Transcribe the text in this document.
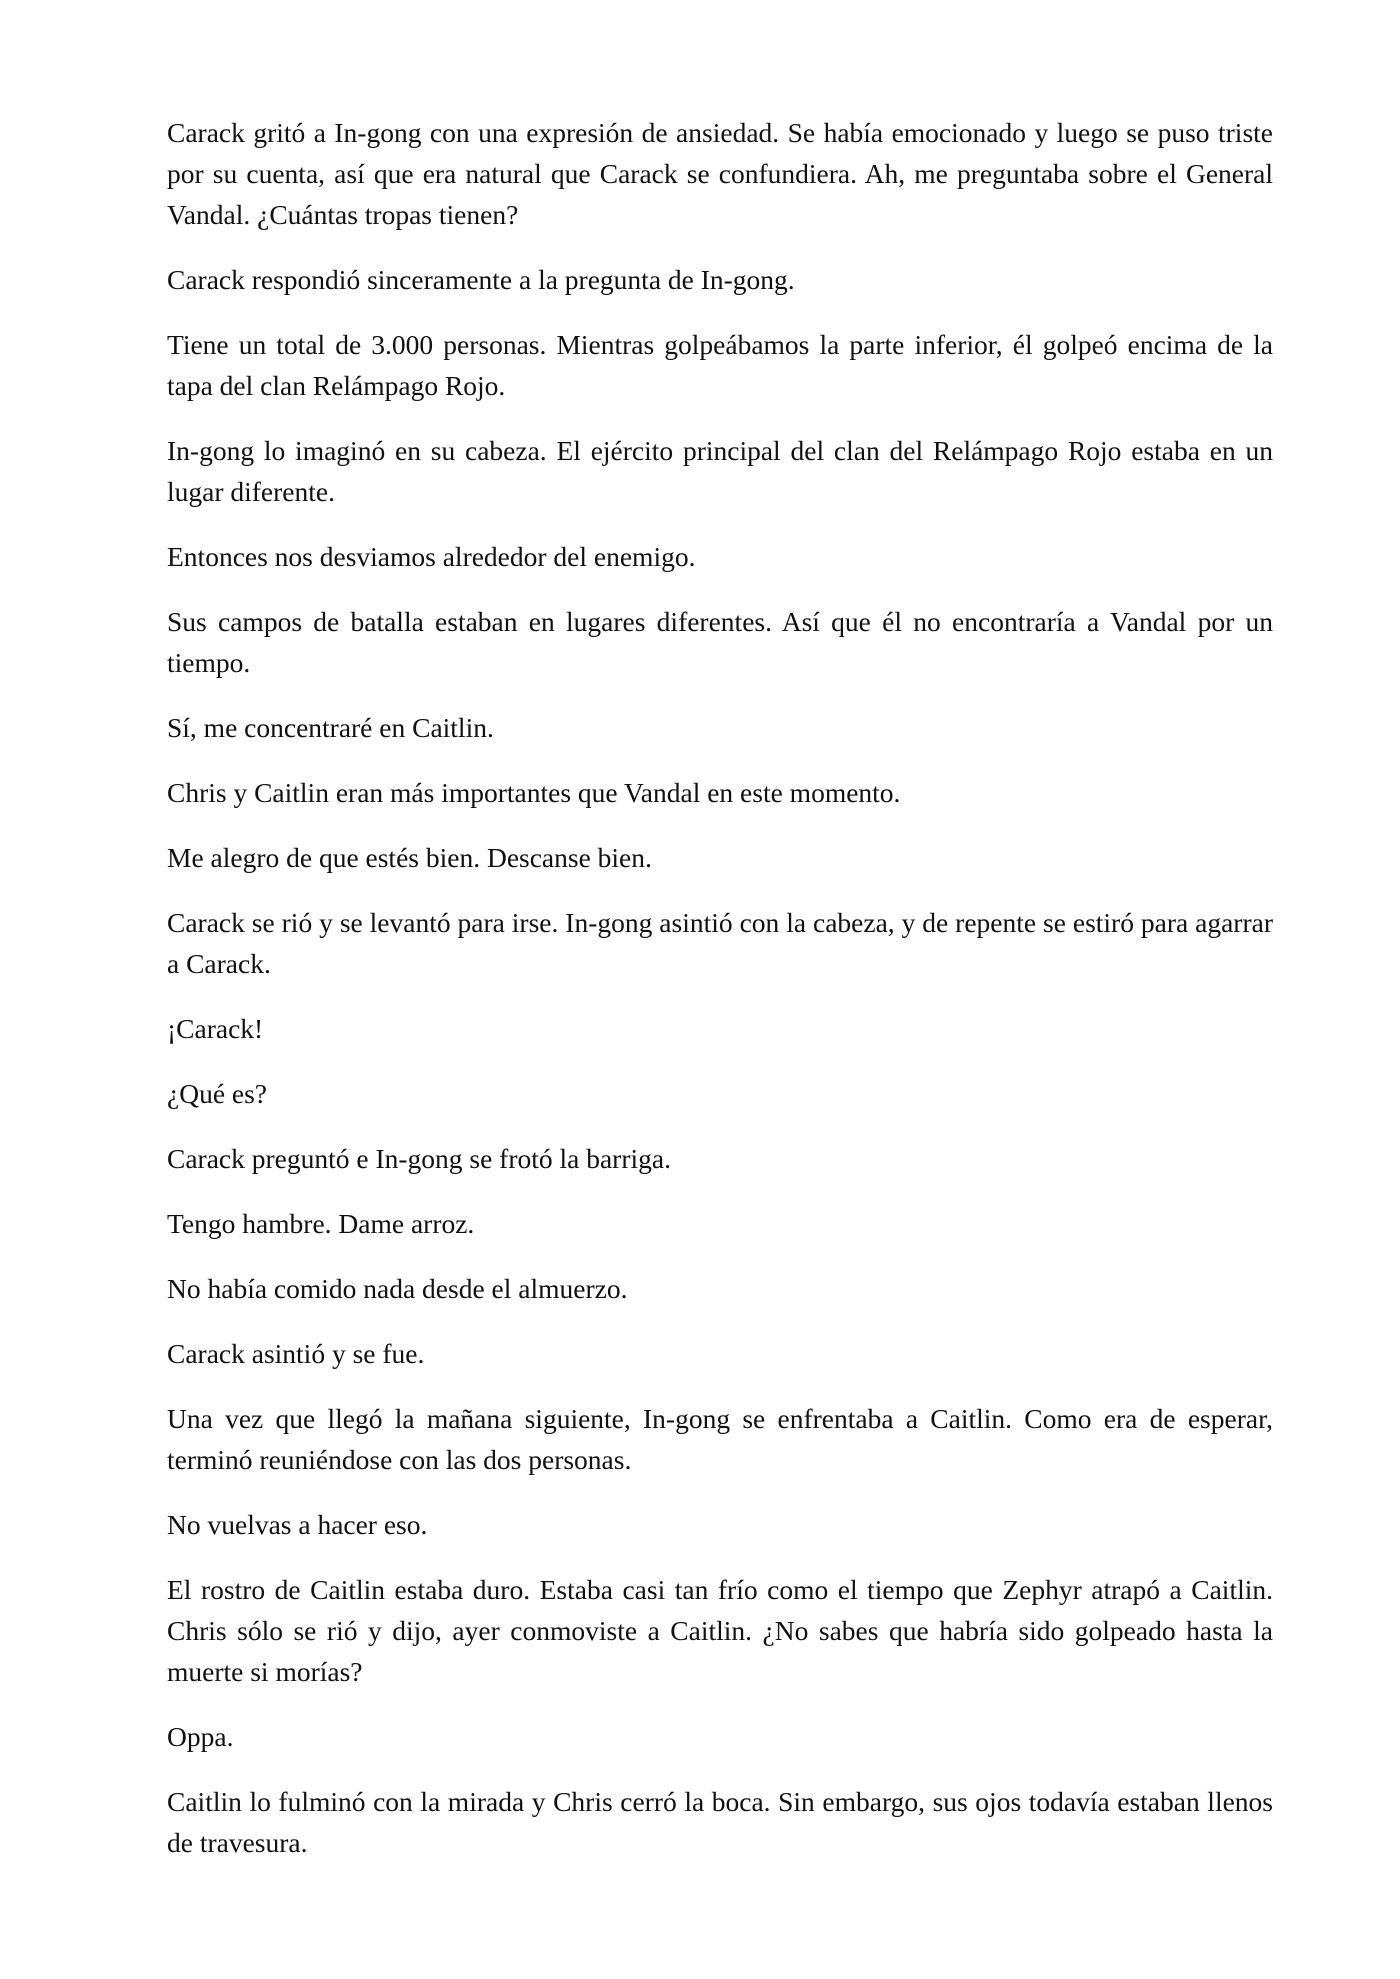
Carack gritó a In-gong con una expresión de ansiedad. Se había emocionado y luego se puso triste por su cuenta, así que era natural que Carack se confundiera. Ah, me preguntaba sobre el General Vandal. ¿Cuántas tropas tienen?

Carack respondió sinceramente a la pregunta de In-gong.

Tiene un total de 3.000 personas. Mientras golpeábamos la parte inferior, él golpeó encima de la tapa del clan Relámpago Rojo.

In-gong lo imaginó en su cabeza. El ejército principal del clan del Relámpago Rojo estaba en un lugar diferente.

Entonces nos desviamos alrededor del enemigo.

Sus campos de batalla estaban en lugares diferentes. Así que él no encontraría a Vandal por un tiempo.

Sí, me concentraré en Caitlin.

Chris y Caitlin eran más importantes que Vandal en este momento.

Me alegro de que estés bien. Descanse bien.

Carack se rió y se levantó para irse. In-gong asintió con la cabeza, y de repente se estiró para agarrar a Carack.

¡Carack!

¿Qué es?

Carack preguntó e In-gong se frotó la barriga.

Tengo hambre. Dame arroz.

No había comido nada desde el almuerzo.

Carack asintió y se fue.

Una vez que llegó la mañana siguiente, In-gong se enfrentaba a Caitlin. Como era de esperar, terminó reuniéndose con las dos personas.

No vuelvas a hacer eso.

El rostro de Caitlin estaba duro. Estaba casi tan frío como el tiempo que Zephyr atrapó a Caitlin. Chris sólo se rió y dijo, ayer conmoviste a Caitlin. ¿No sabes que habría sido golpeado hasta la muerte si morías?

Oppa.

Caitlin lo fulminó con la mirada y Chris cerró la boca. Sin embargo, sus ojos todavía estaban llenos de travesura.
